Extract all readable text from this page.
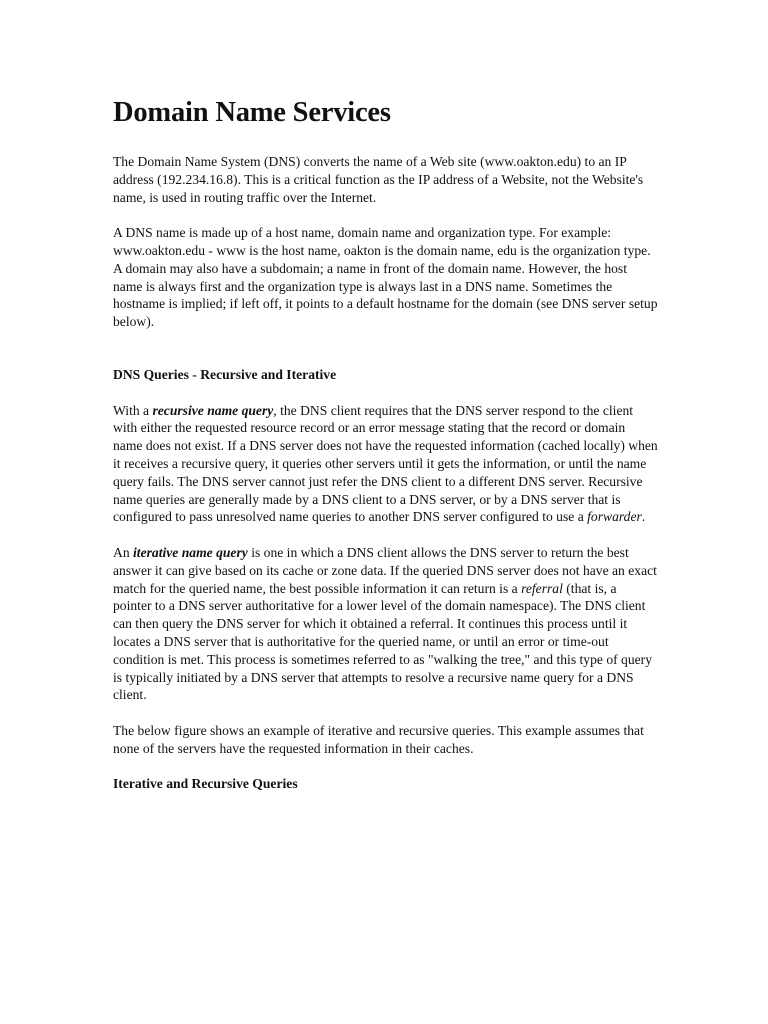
Domain Name Services

The Domain Name System (DNS) converts the name of a Web site (www.oakton.edu) to an IP address (192.234.16.8). This is a critical function as the IP address of a Website, not the Website's name, is used in routing traffic over the Internet.

A DNS name is made up of a host name, domain name and organization type. For example: www.oakton.edu - www is the host name, oakton is the domain name, edu is the organization type. A domain may also have a subdomain; a name in front of the domain name. However, the host name is always first and the organization type is always last in a DNS name. Sometimes the hostname is implied; if left off, it points to a default hostname for the domain (see DNS server setup below).

DNS Queries - Recursive and Iterative

With a recursive name query, the DNS client requires that the DNS server respond to the client with either the requested resource record or an error message stating that the record or domain name does not exist. If a DNS server does not have the requested information (cached locally) when it receives a recursive query, it queries other servers until it gets the information, or until the name query fails. The DNS server cannot just refer the DNS client to a different DNS server. Recursive name queries are generally made by a DNS client to a DNS server, or by a DNS server that is configured to pass unresolved name queries to another DNS server configured to use a forwarder.

An iterative name query is one in which a DNS client allows the DNS server to return the best answer it can give based on its cache or zone data. If the queried DNS server does not have an exact match for the queried name, the best possible information it can return is a referral (that is, a pointer to a DNS server authoritative for a lower level of the domain namespace). The DNS client can then query the DNS server for which it obtained a referral. It continues this process until it locates a DNS server that is authoritative for the queried name, or until an error or time-out condition is met. This process is sometimes referred to as "walking the tree," and this type of query is typically initiated by a DNS server that attempts to resolve a recursive name query for a DNS client.

The below figure shows an example of iterative and recursive queries. This example assumes that none of the servers have the requested information in their caches.

Iterative and Recursive Queries
